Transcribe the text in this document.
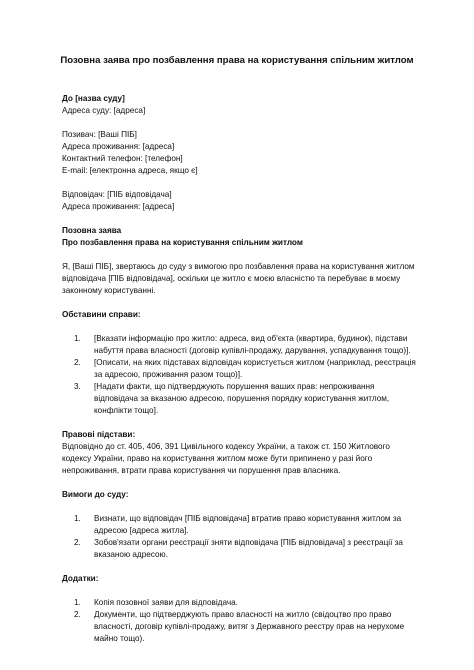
Позовна заява про позбавлення права на користування спільним житлом

До [назва суду]

Адреса суду: [адреса]

Позивач: [Ваші ПІБ]

Адреса проживання: [адреса]

Контактний телефон: [телефон]

E-mail: [електронна адреса, якщо є]

Відповідач: [ПІБ відповідача]

Адреса проживання: [адреса]

Позовна заява

Про позбавлення права на користування спільним житлом

Я, [Ваші ПІБ], звертаюсь до суду з вимогою про позбавлення права на користування житлом відповідача [ПІБ відповідача], оскільки це житло є моєю власністю та перебуває в моєму законному користуванні.

Обставини справи:

1. [Вказати інформацію про житло: адреса, вид об'єкта (квартира, будинок), підстави набуття права власності (договір купівлі-продажу, дарування, успадкування тощо)].
2. [Описати, на яких підставах відповідач користується житлом (наприклад, реєстрація за адресою, проживання разом тощо)].
3. [Надати факти, що підтверджують порушення ваших прав: непроживання відповідача за вказаною адресою, порушення порядку користування житлом, конфлікти тощо].

Правові підстави:

Відповідно до ст. 405, 406, 391 Цивільного кодексу України, а також ст. 150 Житлового кодексу України, право на користування житлом може бути припинено у разі його непроживання, втрати права користування чи порушення прав власника.

Вимоги до суду:

1. Визнати, що відповідач [ПІБ відповідача] втратив право користування житлом за адресою [адреса житла].
2. Зобов'язати органи реєстрації зняти відповідача [ПІБ відповідача] з реєстрації за вказаною адресою.

Додатки:

1. Копія позовної заяви для відповідача.
2. Документи, що підтверджують право власності на житло (свідоцтво про право власності, договір купівлі-продажу, витяг з Державного реєстру прав на нерухоме майно тощо).
